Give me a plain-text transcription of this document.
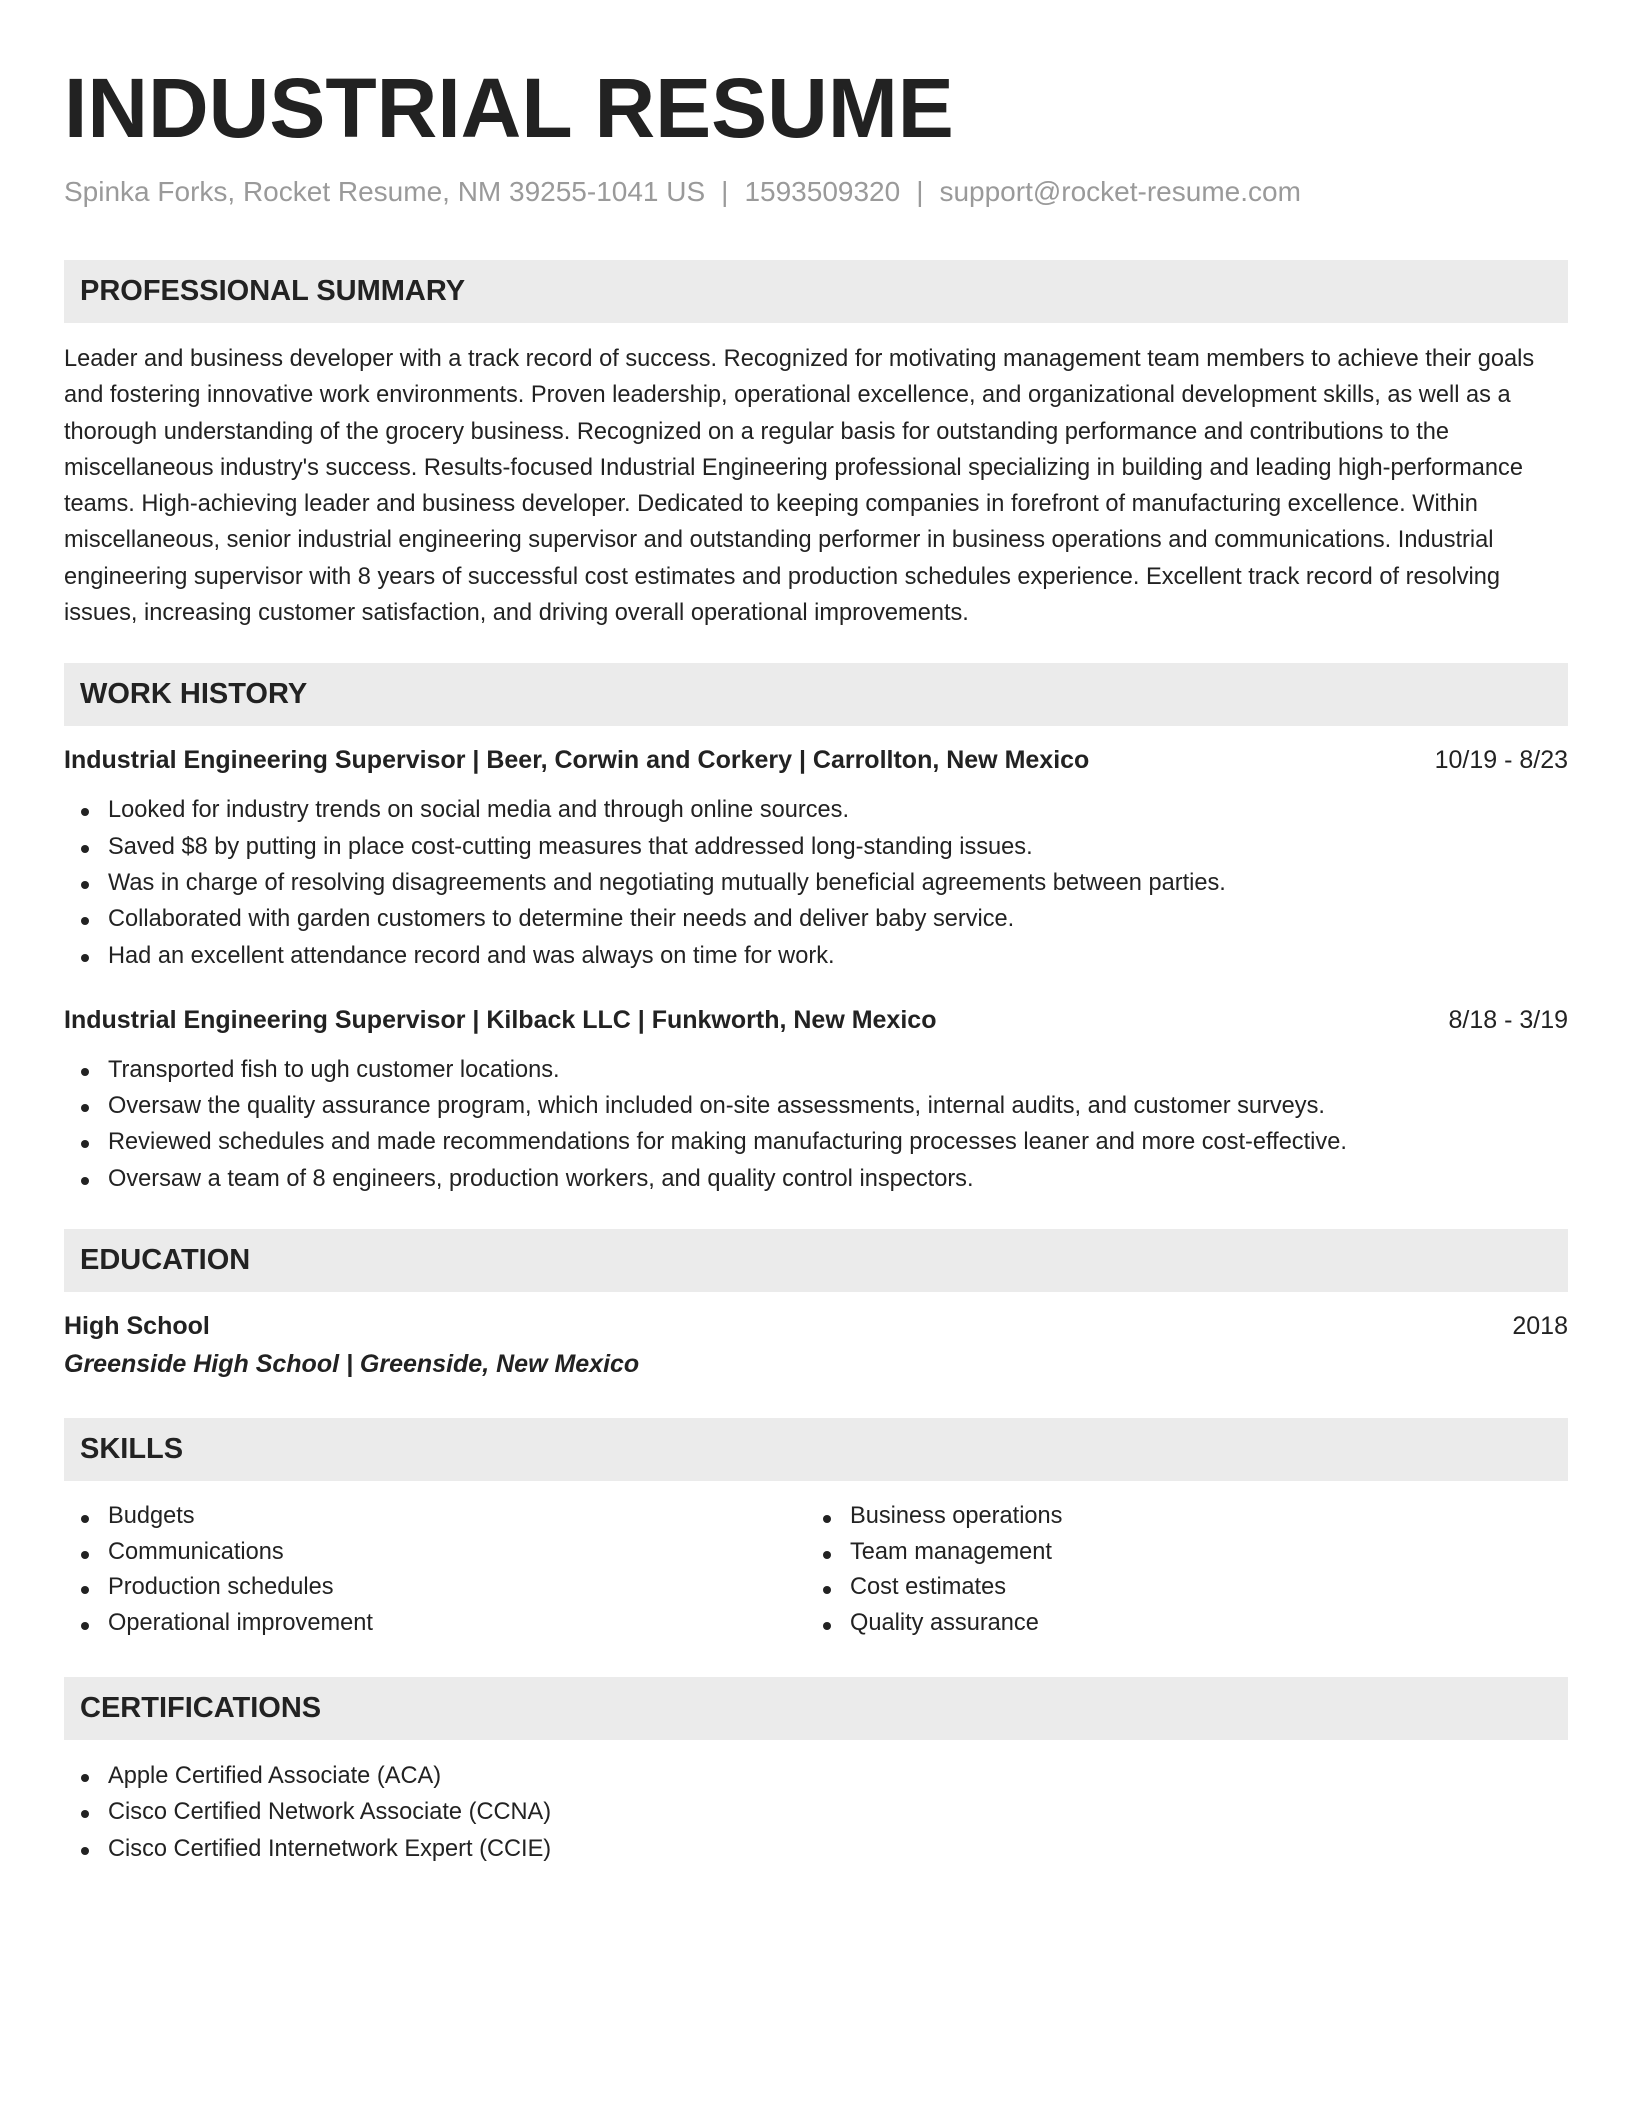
INDUSTRIAL RESUME
Spinka Forks, Rocket Resume, NM 39255-1041 US | 1593509320 | support@rocket-resume.com
PROFESSIONAL SUMMARY

Leader and business developer with a track record of success. Recognized for motivating management team members to achieve their goals and fostering innovative work environments. Proven leadership, operational excellence, and organizational development skills, as well as a thorough understanding of the grocery business. Recognized on a regular basis for outstanding performance and contributions to the miscellaneous industry's success. Results-focused Industrial Engineering professional specializing in building and leading high-performance teams. High-achieving leader and business developer. Dedicated to keeping companies in forefront of manufacturing excellence. Within miscellaneous, senior industrial engineering supervisor and outstanding performer in business operations and communications. Industrial engineering supervisor with 8 years of successful cost estimates and production schedules experience. Excellent track record of resolving issues, increasing customer satisfaction, and driving overall operational improvements.

WORK HISTORY
Industrial Engineering Supervisor | Beer, Corwin and Corkery | Carrollton, New Mexico	10/19 - 8/23
Looked for industry trends on social media and through online sources.
Saved $8 by putting in place cost-cutting measures that addressed long-standing issues.
Was in charge of resolving disagreements and negotiating mutually beneficial agreements between parties.
Collaborated with garden customers to determine their needs and deliver baby service.
Had an excellent attendance record and was always on time for work.
Industrial Engineering Supervisor | Kilback LLC | Funkworth, New Mexico	8/18 - 3/19
Transported fish to ugh customer locations.
Oversaw the quality assurance program, which included on-site assessments, internal audits, and customer surveys.
Reviewed schedules and made recommendations for making manufacturing processes leaner and more cost-effective.
Oversaw a team of 8 engineers, production workers, and quality control inspectors.
EDUCATION
High School	2018
Greenside High School | Greenside, New Mexico
SKILLS
Budgets
Communications
Production schedules
Operational improvement
Business operations
Team management
Cost estimates
Quality assurance
CERTIFICATIONS
Apple Certified Associate (ACA)
Cisco Certified Network Associate (CCNA)
Cisco Certified Internetwork Expert (CCIE)
